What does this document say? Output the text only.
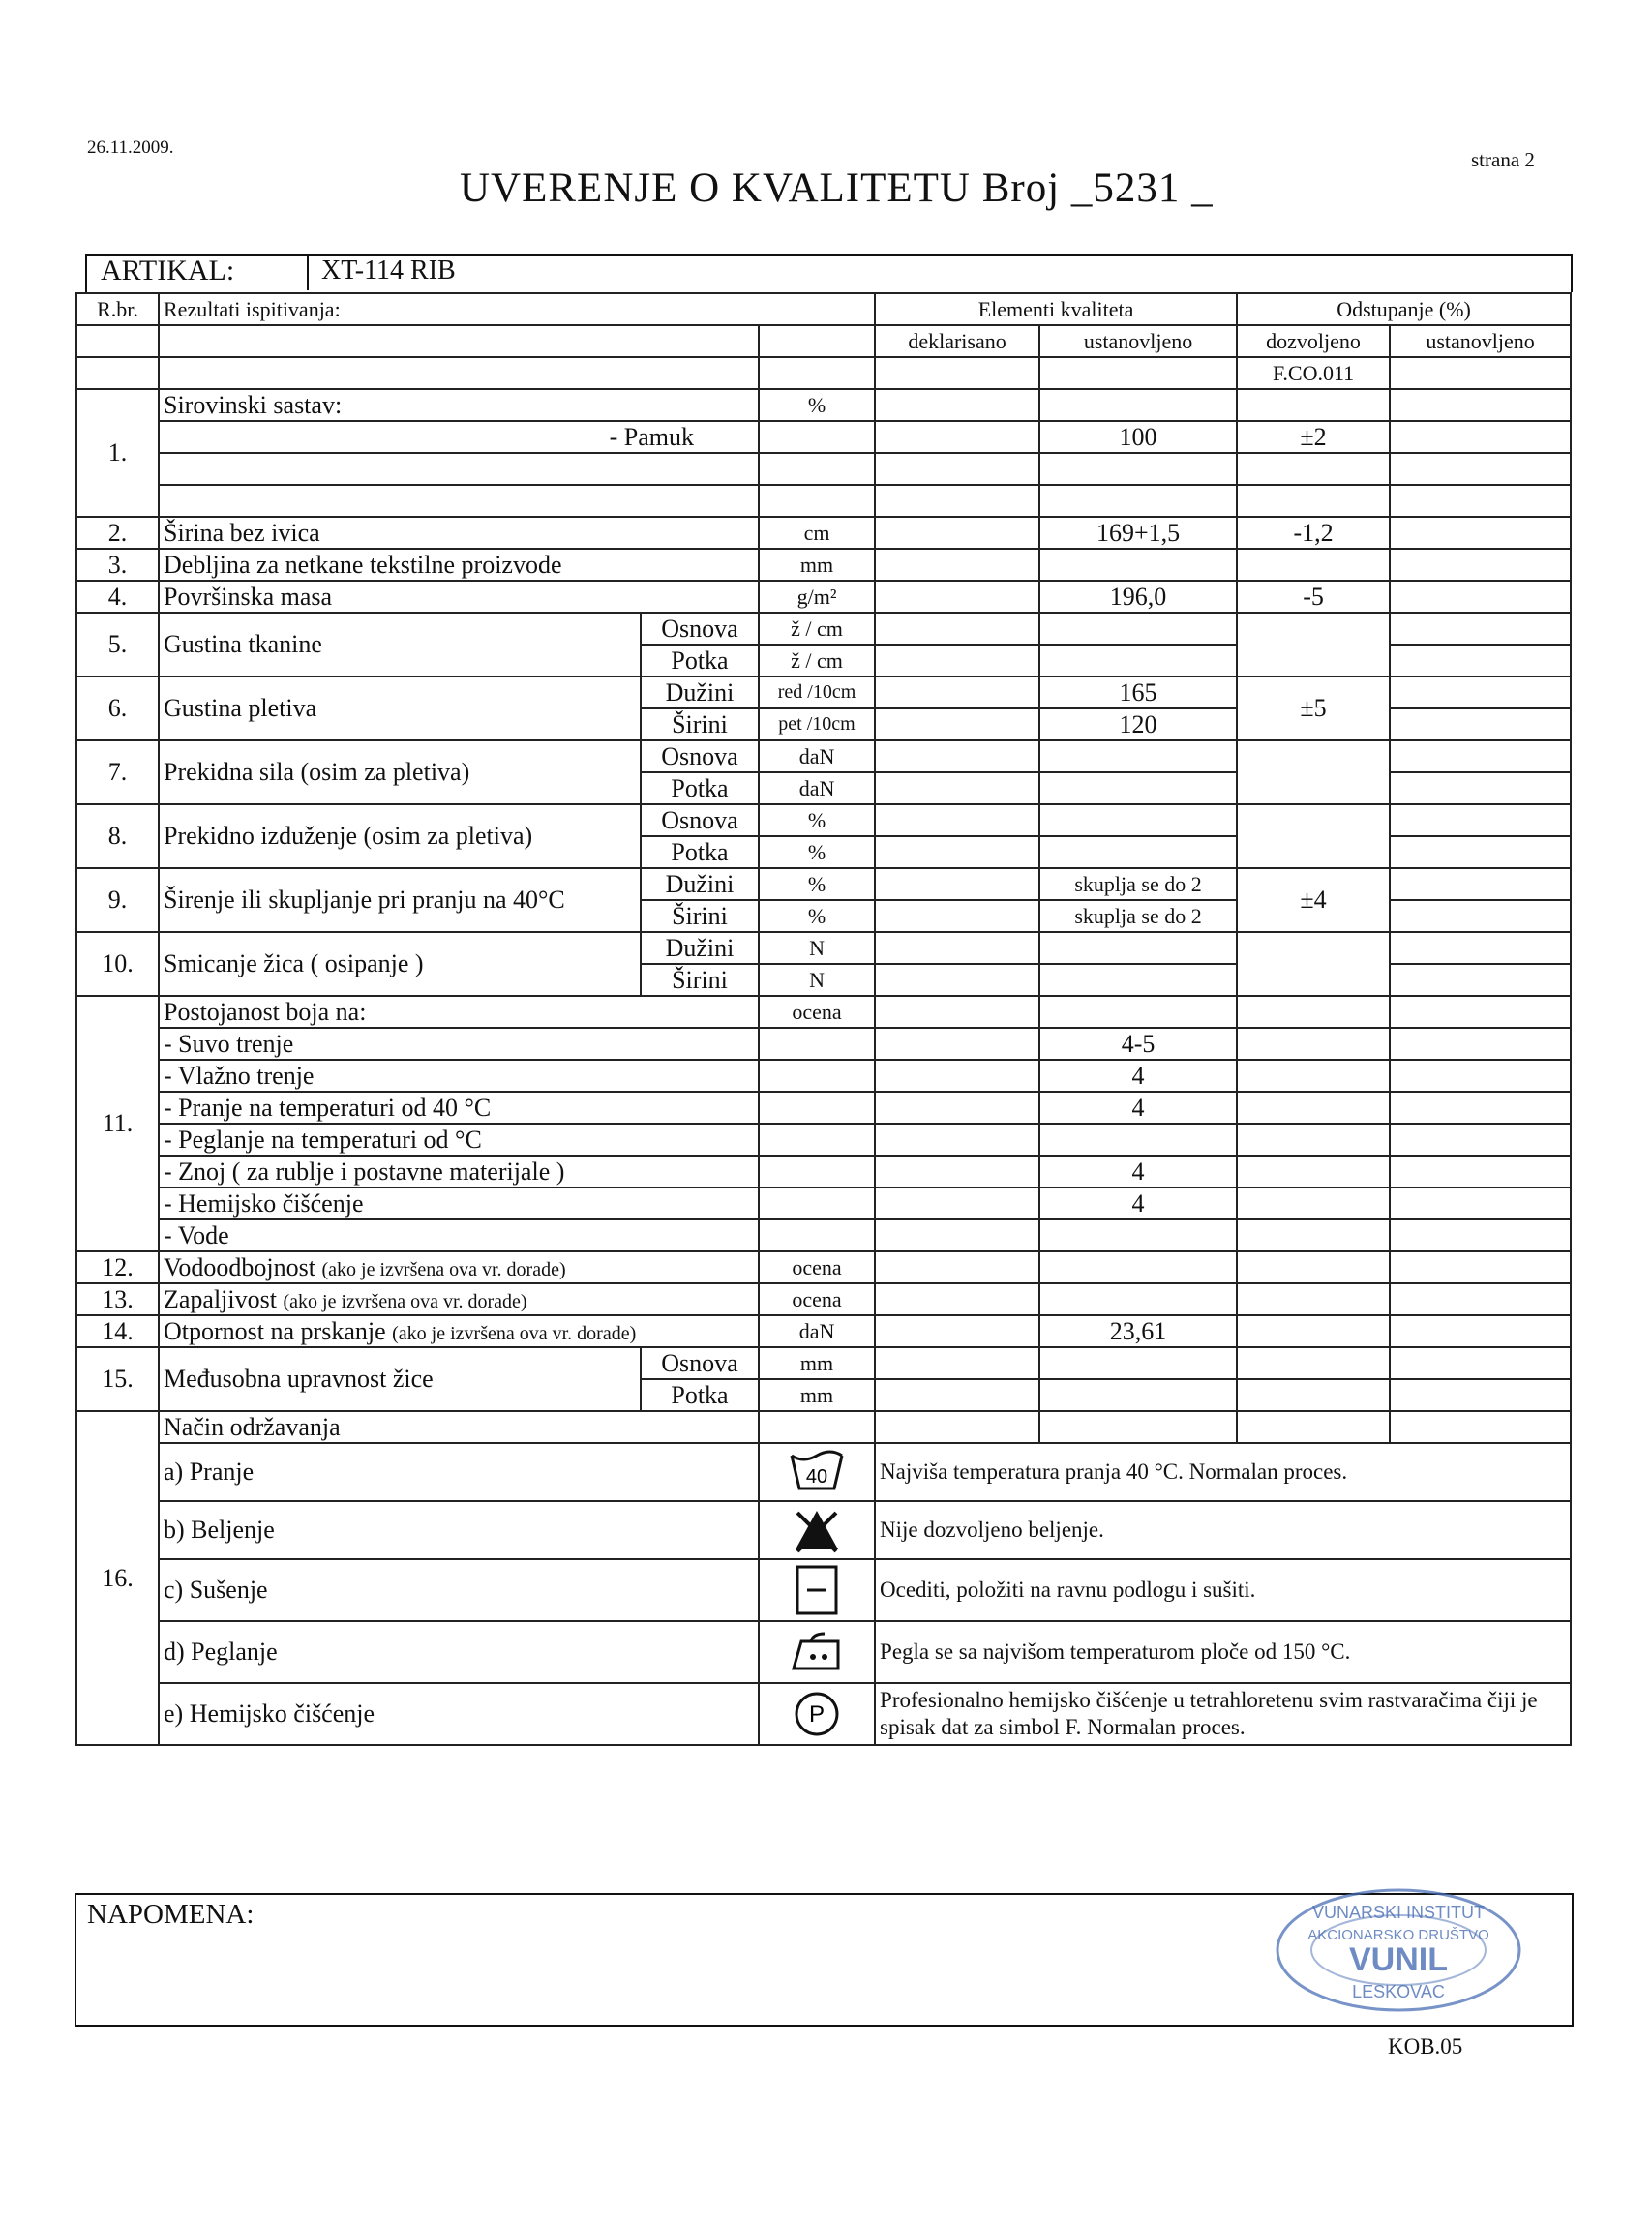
26.11.2009.
strana 2
UVERENJE O KVALITETU Broj _5231 _
ARTIKAL:	XT-114 RIB
R.br.	Rezultati ispitivanja:			Elementi kvaliteta		Odstupanje (%)	
				deklarisano	ustanovljeno	dozvoljeno	ustanovljeno
						F.CO.011	
1.	Sirovinski sastav:		%				
	- Pamuk				100	±2	

2.	Širina bez ivica		cm		169+1,5	-1,2	
3.	Debljina za netkane tekstilne proizvode		mm				
4.	Površinska masa		g/m²		196,0	-5	
5.	Gustina tkanine	Osnova	ž / cm				
		Potka	ž / cm				
6.	Gustina pletiva	Dužini	red /10cm		165	±5	
		Širini	pet /10cm		120		
7.	Prekidna sila (osim za pletiva)	Osnova	daN				
		Potka	daN				
8.	Prekidno izduženje (osim za pletiva)	Osnova	%				
		Potka	%				
9.	Širenje ili skupljanje pri pranju na 40°C	Dužini	%		skuplja se do 2	±4	
		Širini	%		skuplja se do 2		
10.	Smicanje žica ( osipanje )	Dužini	N				
		Širini	N				
11.	Postojanost boja na:		ocena				
	- Suvo trenje				4-5		
	- Vlažno trenje				4		
	- Pranje na temperaturi od 40 °C				4		
	- Peglanje na temperaturi od °C						
	- Znoj ( za rublje i postavne materijale )				4		
	- Hemijsko čišćenje				4		
	- Vode						
12.	Vodoodbojnost (ako je izvršena ova vr. dorade)		ocena				
13.	Zapaljivost (ako je izvršena ova vr. dorade)		ocena				
14.	Otpornost na prskanje (ako je izvršena ova vr. dorade)		daN		23,61		
15.	Međusobna upravnost žice	Osnova	mm				
		Potka	mm				
16.	Način održavanja						
	a) Pranje		40	Najviša temperatura pranja 40 °C. Normalan proces.			
	b) Beljenje			Nije dozvoljeno beljenje.			
	c) Sušenje			Ocediti, položiti na ravnu podlogu i sušiti.			
	d) Peglanje			Pegla se sa najvišom temperaturom ploče od 150 °C.			
	e) Hemijsko čišćenje		P	Profesionalno hemijsko čišćenje u tetrahloretenu svim rastvaračima čiji je spisak dat za simbol F. Normalan proces.			
NAPOMENA:	VUNARSKI INSTITUT
AKCIONARSKO DRUŠTVO
VUNIL
LESKOVAC
KOB.05
